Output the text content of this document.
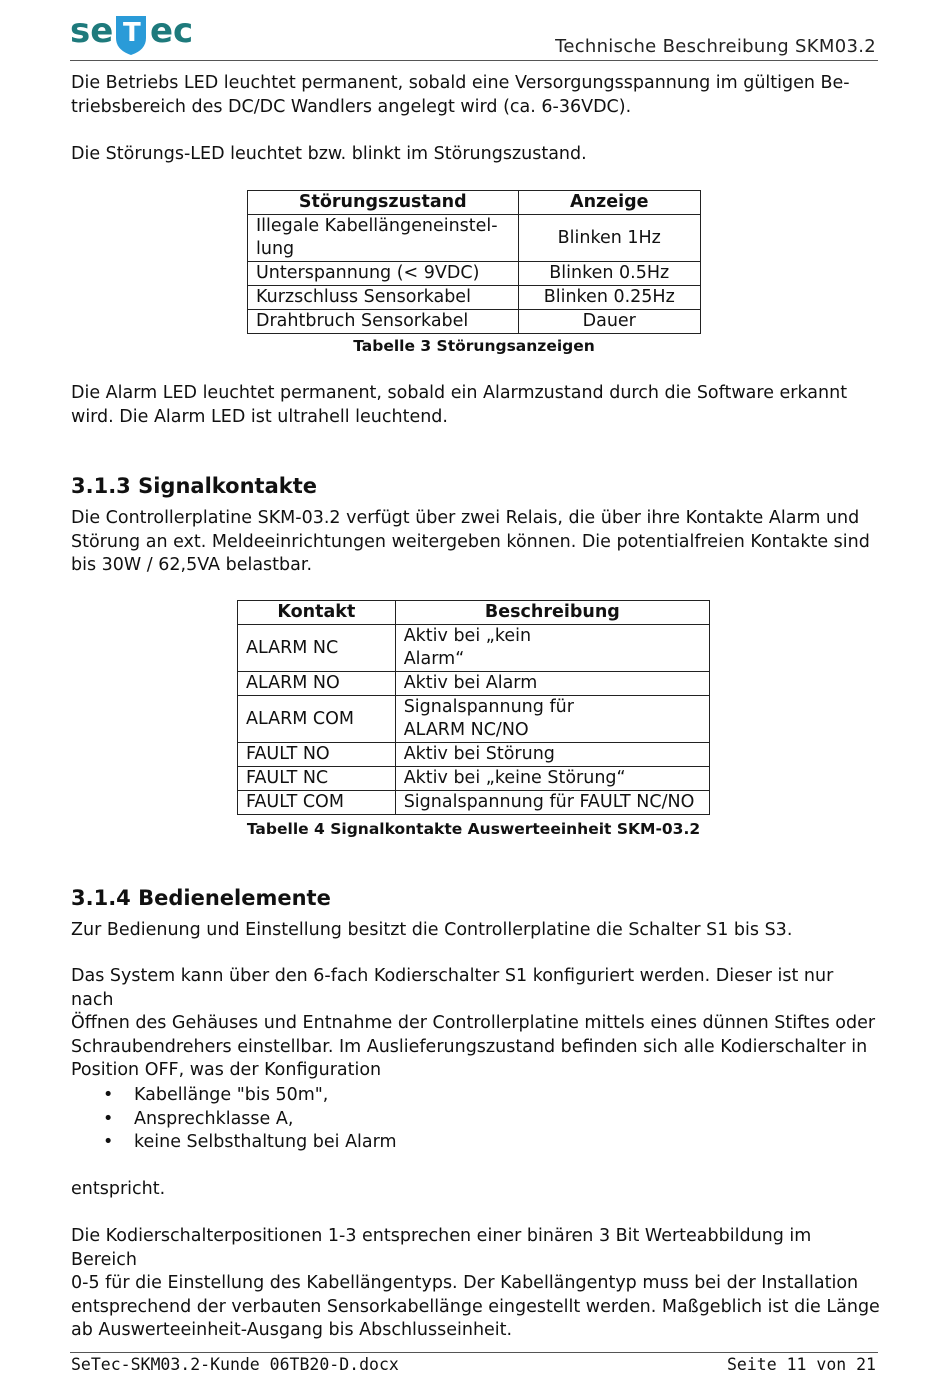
se T ec	Technische Beschreibung SKM03.2
Die Betriebs LED leuchtet permanent, sobald eine Versorgungsspannung im gültigen Be-
triebsbereich des DC/DC Wandlers angelegt wird (ca. 6-36VDC).
Die Störungs-LED leuchtet bzw. blinkt im Störungszustand.
Störungszustand	Anzeige

Illegale Kabellängeneinstel-
lung	Blinken 1Hz
Unterspannung (< 9VDC)	Blinken 0.5Hz
Kurzschluss Sensorkabel	Blinken 0.25Hz
Drahtbruch Sensorkabel	Dauer
Tabelle 3 Störungsanzeigen
Die Alarm LED leuchtet permanent, sobald ein Alarmzustand durch die Software erkannt
wird. Die Alarm LED ist ultrahell leuchtend.
3.1.3 Signalkontakte
Die Controllerplatine SKM-03.2 verfügt über zwei Relais, die über ihre Kontakte Alarm und
Störung an ext. Meldeeinrichtungen weitergeben können. Die potentialfreien Kontakte sind
bis 30W / 62,5VA belastbar.
Kontakt	Beschreibung
ALARM NC	Aktiv bei „kein
Alarm“

ALARM NO	Aktiv bei Alarm
ALARM COM	Signalspannung für
ALARM NC/NO

FAULT NO	Aktiv bei Störung
FAULT NC	Aktiv bei „keine Störung“
FAULT COM	Signalspannung für FAULT NC/NO
Tabelle 4 Signalkontakte Auswerteeinheit SKM-03.2
3.1.4 Bedienelemente
Zur Bedienung und Einstellung besitzt die Controllerplatine die Schalter S1 bis S3.
Das System kann über den 6-fach Kodierschalter S1 konfiguriert werden. Dieser ist nur nach
Öffnen des Gehäuses und Entnahme der Controllerplatine mittels eines dünnen Stiftes oder
Schraubendrehers einstellbar. Im Auslieferungszustand befinden sich alle Kodierschalter in
Position OFF, was der Konfiguration
• Kabellänge "bis 50m",
• Ansprechklasse A,
• keine Selbsthaltung bei Alarm
entspricht.
Die Kodierschalterpositionen 1-3 entsprechen einer binären 3 Bit Werteabbildung im Bereich
0-5 für die Einstellung des Kabellängentyps. Der Kabellängentyp muss bei der Installation
entsprechend der verbauten Sensorkabellänge eingestellt werden. Maßgeblich ist die Länge
ab Auswerteeinheit-Ausgang bis Abschlusseinheit.
SeTec-SKM03.2-Kunde 06TB20-D.docx	Seite 11 von 21
